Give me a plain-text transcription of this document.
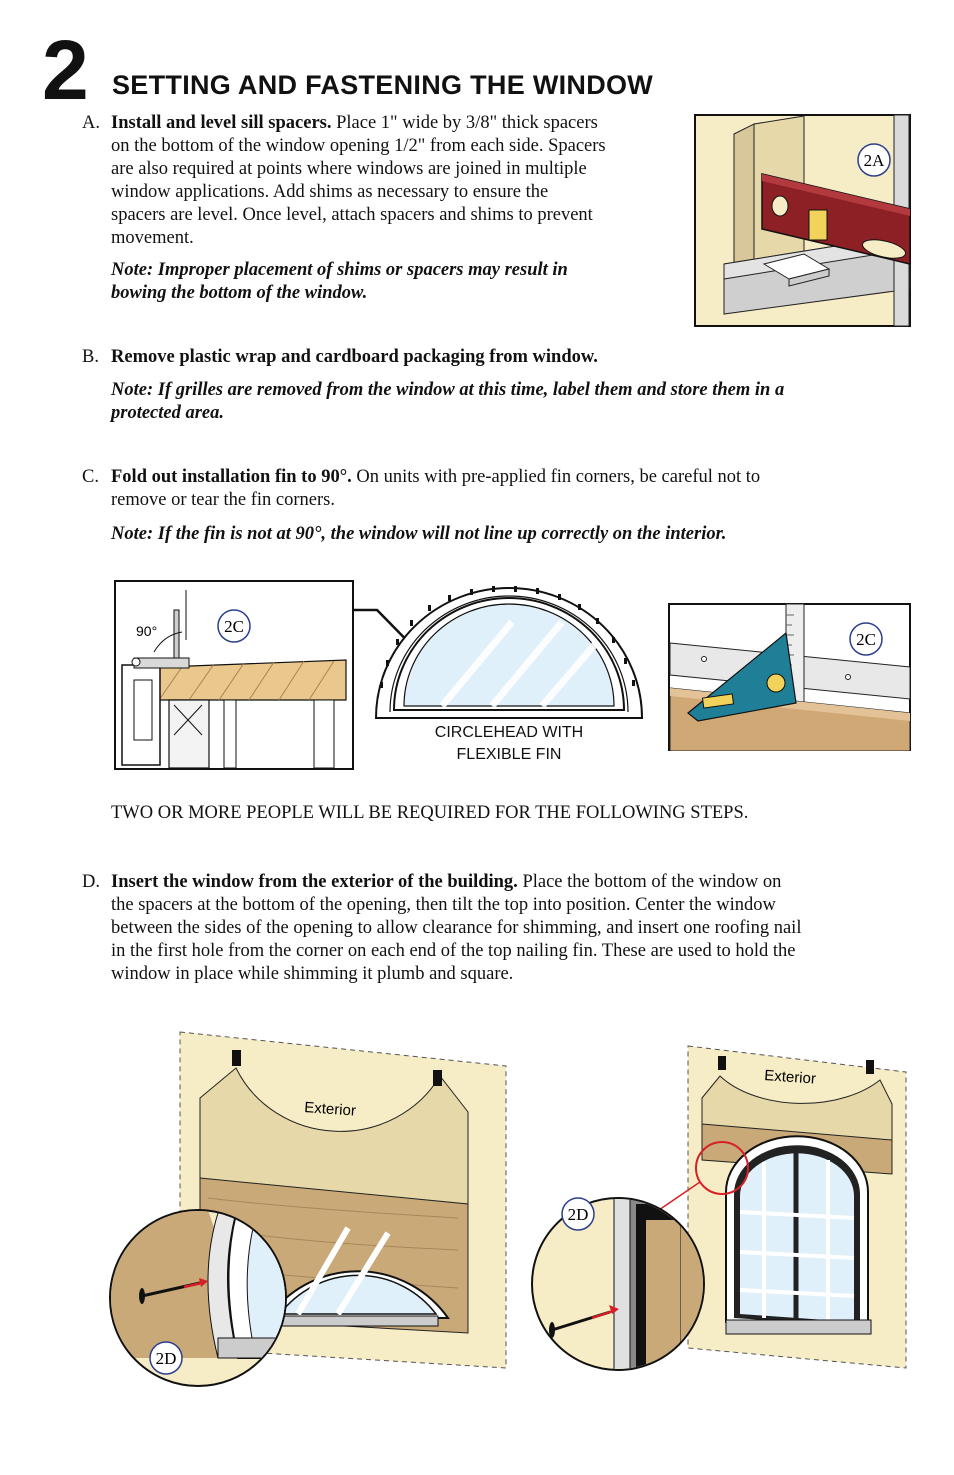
2 SETTING AND FASTENING THE WINDOW
A. Install and level sill spacers. Place 1" wide by 3/8" thick spacers
on the bottom of the window opening 1/2" from each side. Spacers
are also required at points where windows are joined in multiple
window applications. Add shims as necessary to ensure the
spacers are level. Once level, attach spacers and shims to prevent
movement.
Note: Improper placement of shims or spacers may result in
bowing the bottom of the window.
2A
B. Remove plastic wrap and cardboard packaging from window.
Note: If grilles are removed from the window at this time, label them and store them in a
protected area.
C. Fold out installation fin to 90°. On units with pre-applied fin corners, be careful not to
remove or tear the fin corners.
Note: If the fin is not at 90°, the window will not line up correctly on the interior.
90°	2C
CIRCLEHEAD WITH
FLEXIBLE FIN
2C
TWO OR MORE PEOPLE WILL BE REQUIRED FOR THE FOLLOWING STEPS.
D. Insert the window from the exterior of the building. Place the bottom of the window on
the spacers at the bottom of the opening, then tilt the top into position. Center the window
between the sides of the opening to allow clearance for shimming, and insert one roofing nail
in the first hole from the corner on each end of the top nailing fin. These are used to hold the
window in place while shimming it plumb and square.
Exterior
2D
Exterior
2D
